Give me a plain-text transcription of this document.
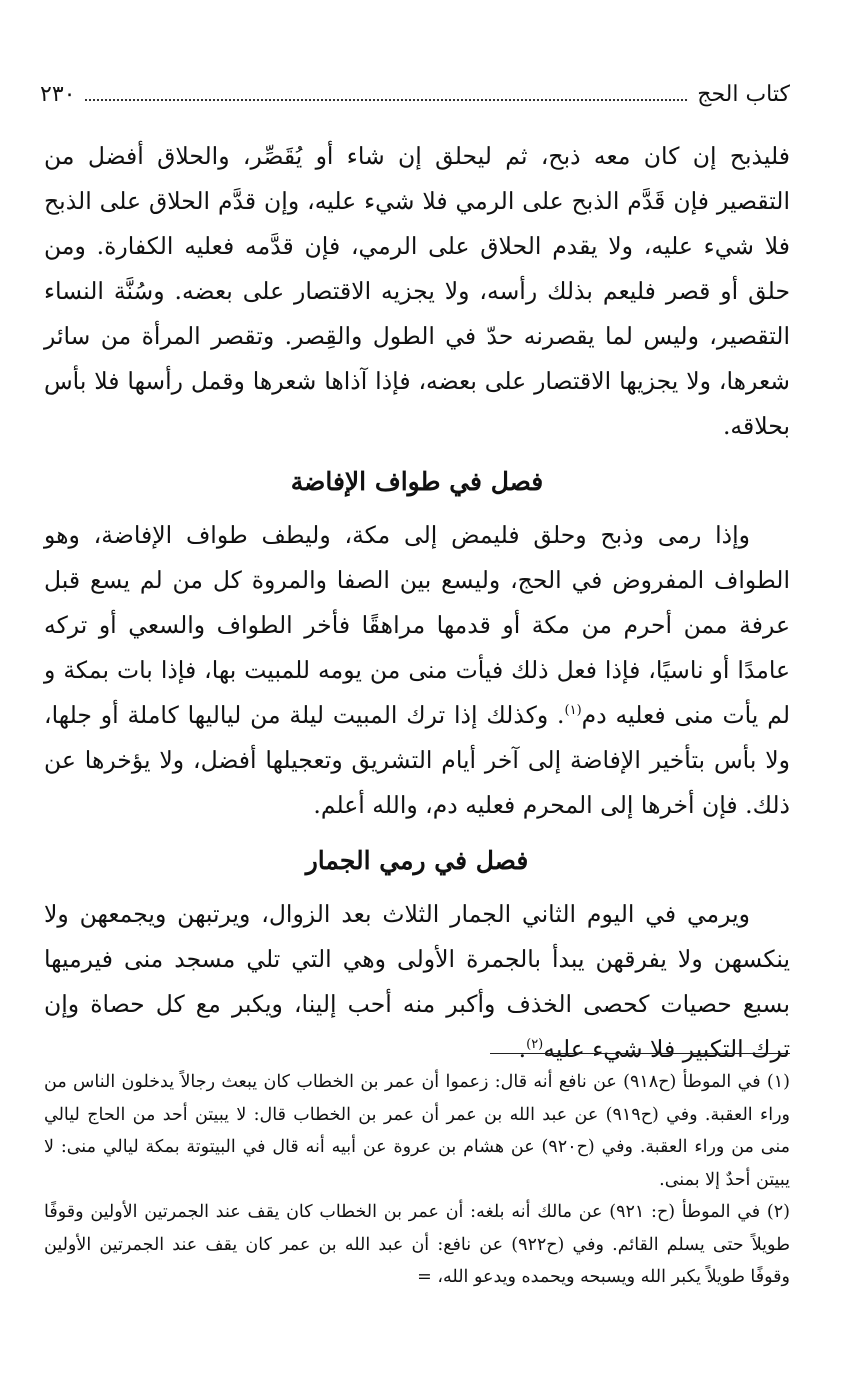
كتاب الحج
٢٣٠

فليذبح إن كان معه ذبح، ثم ليحلق إن شاء أو يُقَصِّر، والحلاق أفضل من التقصير فإن قَدَّم الذبح على الرمي فلا شيء عليه، وإن قدَّم الحلاق على الذبح فلا شيء عليه، ولا يقدم الحلاق على الرمي، فإن قدَّمه فعليه الكفارة. ومن حلق أو قصر فليعم بذلك رأسه، ولا يجزيه الاقتصار على بعضه. وسُنَّة النساء التقصير، وليس لما يقصرنه حدّ في الطول والقِصر. وتقصر المرأة من سائر شعرها، ولا يجزيها الاقتصار على بعضه، فإذا آذاها شعرها وقمل رأسها فلا بأس بحلاقه.

فصل في طواف الإفاضة

وإذا رمى وذبح وحلق فليمض إلى مكة، وليطف طواف الإفاضة، وهو الطواف المفروض في الحج، وليسع بين الصفا والمروة كل من لم يسع قبل عرفة ممن أحرم من مكة أو قدمها مراهقًا فأخر الطواف والسعي أو تركه عامدًا أو ناسيًا، فإذا فعل ذلك فيأت منى من يومه للمبيت بها، فإذا بات بمكة و لم يأت منى فعليه دم$^{(١)}$. وكذلك إذا ترك المبيت ليلة من لياليها كاملة أو جلها، ولا بأس بتأخير الإفاضة إلى آخر أيام التشريق وتعجيلها أفضل، ولا يؤخرها عن ذلك. فإن أخرها إلى المحرم فعليه دم، والله أعلم.

فصل في رمي الجمار

ويرمي في اليوم الثاني الجمار الثلاث بعد الزوال، ويرتبهن ويجمعهن ولا ينكسهن ولا يفرقهن يبدأ بالجمرة الأولى وهي التي تلي مسجد منى فيرميها بسبع حصيات كحصى الخذف وأكبر منه أحب إلينا، ويكبر مع كل حصاة وإن ترك التكبير فلا شيء عليه$^{(٢)}$.

(١) في الموطأ (ح٩١٨) عن نافع أنه قال: زعموا أن عمر بن الخطاب كان يبعث رجالاً يدخلون الناس من وراء العقبة. وفي (ح٩١٩) عن عبد الله بن عمر أن عمر بن الخطاب قال: لا يبيتن أحد من الحاج ليالي منى من وراء العقبة. وفي (ح٩٢٠) عن هشام بن عروة عن أبيه أنه قال في البيتوتة بمكة ليالي منى: لا يبيتن أحدٌ إلا بمنى.

(٢) في الموطأ (ح: ٩٢١) عن مالك أنه بلغه: أن عمر بن الخطاب كان يقف عند الجمرتين الأولين وقوفًا طويلاً حتى يسلم القائم. وفي (ح٩٢٢) عن نافع: أن عبد الله بن عمر كان يقف عند الجمرتين الأولين وقوفًا طويلاً يكبر الله ويسبحه ويحمده ويدعو الله، =
